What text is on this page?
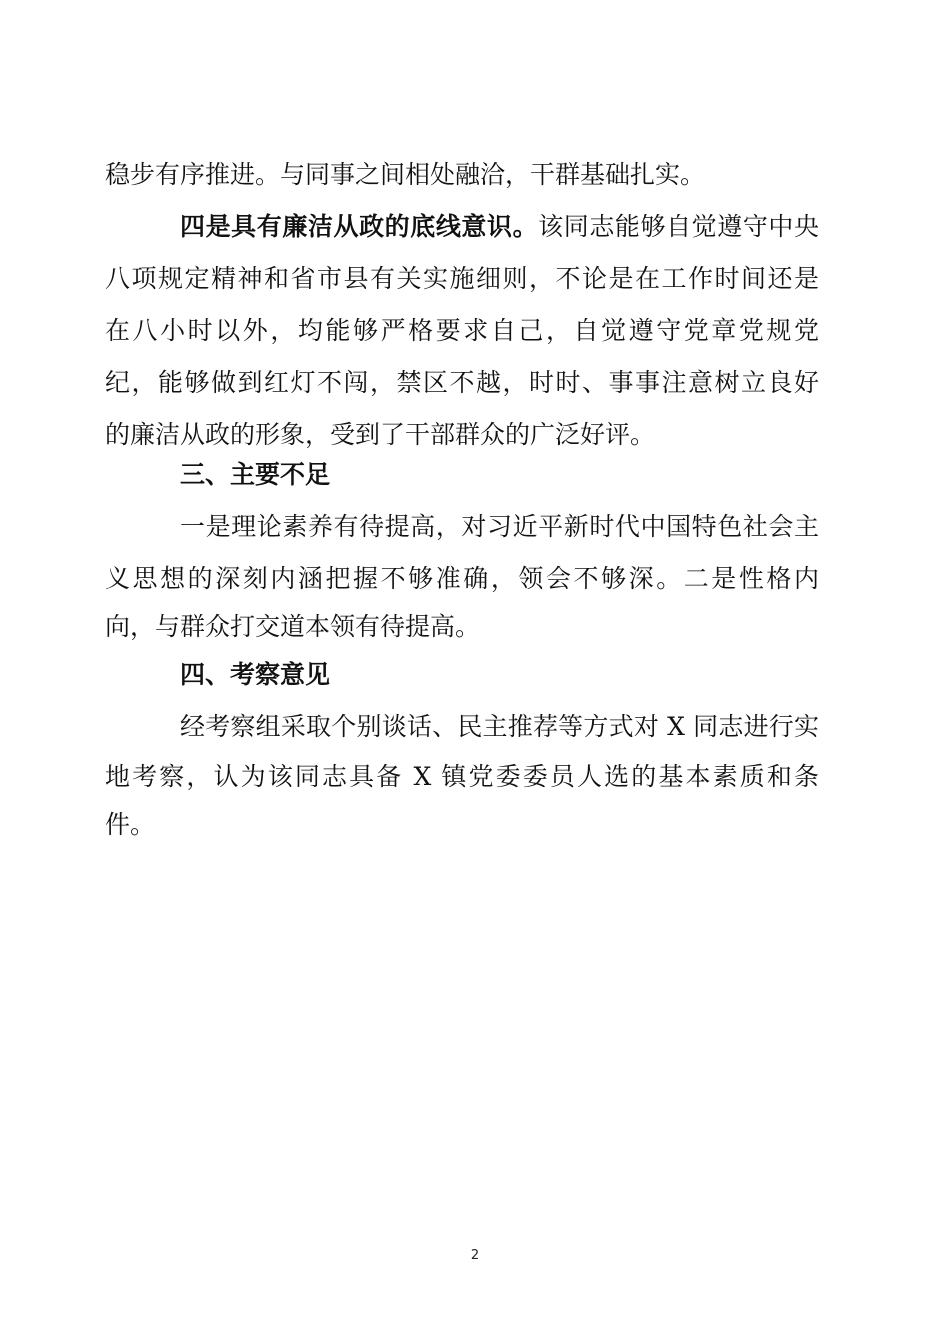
稳步有序推进。与同事之间相处融洽，干群基础扎实。
四是具有廉洁从政的底线意识。该同志能够自觉遵守中央
八项规定精神和省市县有关实施细则，不论是在工作时间还是
在八小时以外，均能够严格要求自己，自觉遵守党章党规党
纪，能够做到红灯不闯，禁区不越，时时、事事注意树立良好
的廉洁从政的形象，受到了干部群众的广泛好评。
三、主要不足
一是理论素养有待提高，对习近平新时代中国特色社会主
义思想的深刻内涵把握不够准确，领会不够深。二是性格内
向，与群众打交道本领有待提高。
四、考察意见
经考察组采取个别谈话、民主推荐等方式对 X 同志进行实
地考察，认为该同志具备 X 镇党委委员人选的基本素质和条
件。
2
